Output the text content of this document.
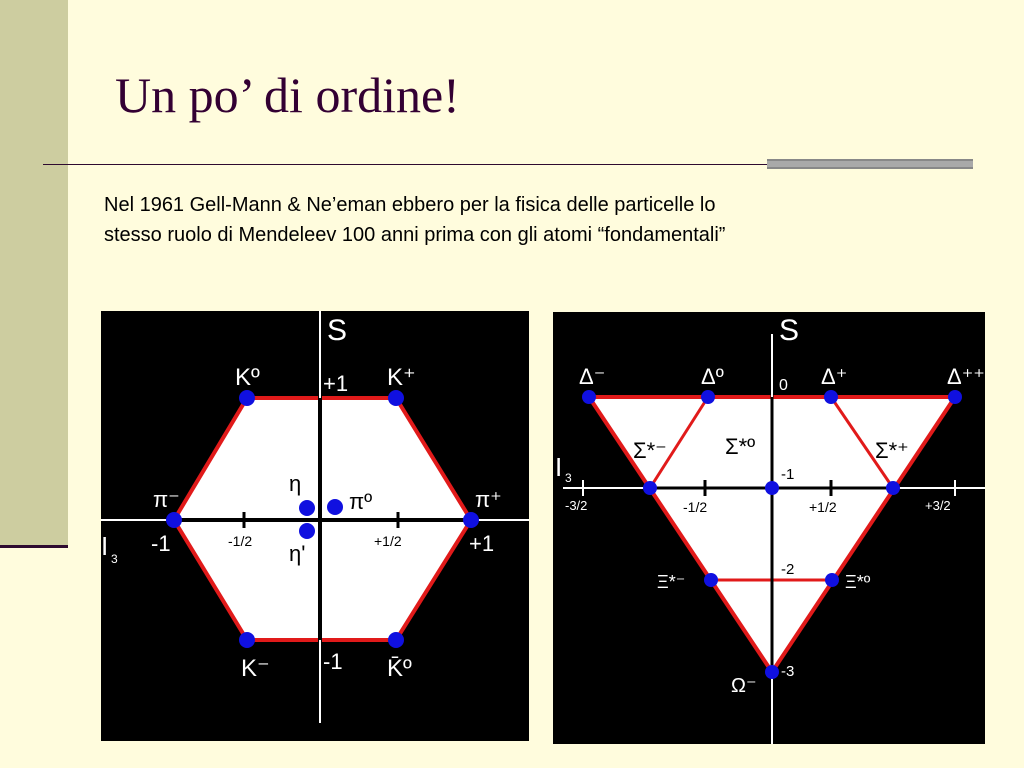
Un po’ di ordine!

Nel 1961 Gell-Mann & Ne’eman ebbero per la fisica delle particelle lo

stesso ruolo di Mendeleev 100 anni prima con gli atomi “fondamentali”

S
I 3
+1
-1
-1	+1
-1/2	+1/2
Kº	K⁺
π⁻	π⁺
η
πº
η'
K⁻	K̄º
S
I 3
0
-1
-2
-3
-3/2	-1/2	+1/2	+3/2
Δ⁻	Δº	Δ⁺	Δ⁺⁺
Σ*⁻	Σ*º	Σ*⁺
Ξ*⁻	Ξ*º
Ω⁻
